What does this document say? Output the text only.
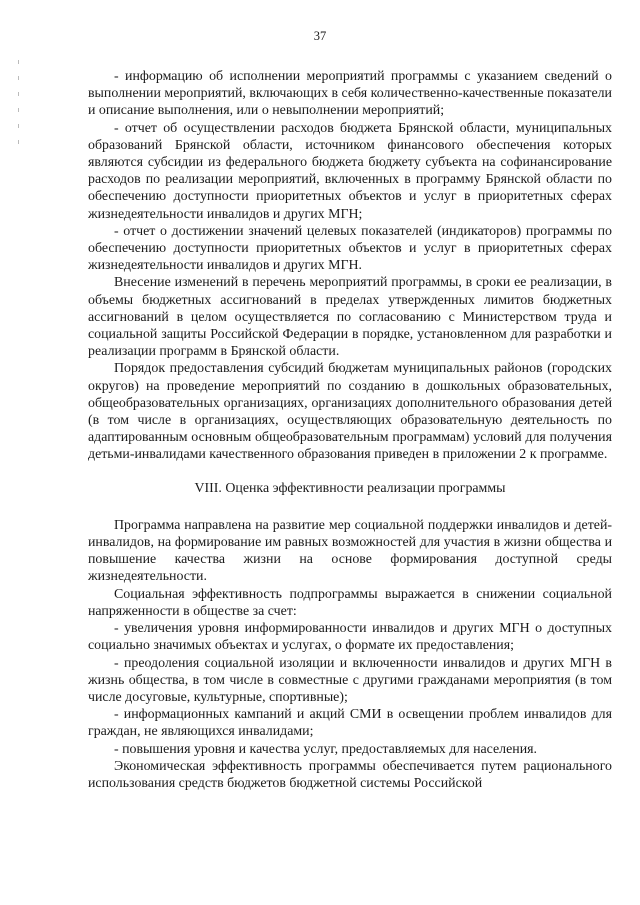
37

- информацию об исполнении мероприятий программы с указанием сведений о выполнении мероприятий, включающих в себя количественно-качественные показатели и описание выполнения, или о невыполнении мероприятий;

- отчет об осуществлении расходов бюджета Брянской области, муниципальных образований Брянской области, источником финансового обеспечения которых являются субсидии из федерального бюджета бюджету субъекта на софинансирование расходов по реализации мероприятий, включенных в программу Брянской области по обеспечению доступности приоритетных объектов и услуг в приоритетных сферах жизнедеятельности инвалидов и других МГН;

- отчет о достижении значений целевых показателей (индикаторов) программы по обеспечению доступности приоритетных объектов и услуг в приоритетных сферах жизнедеятельности инвалидов и других МГН.

Внесение изменений в перечень мероприятий программы, в сроки ее реализации, в объемы бюджетных ассигнований в пределах утвержденных лимитов бюджетных ассигнований в целом осуществляется по согласованию с Министерством труда и социальной защиты Российской Федерации в порядке, установленном для разработки и реализации программ в Брянской области.

Порядок предоставления субсидий бюджетам муниципальных районов (городских округов) на проведение мероприятий по созданию в дошкольных образовательных, общеобразовательных организациях, организациях дополнительного образования детей (в том числе в организациях, осуществляющих образовательную деятельность по адаптированным основным общеобразовательным программам) условий для получения детьми-инвалидами качественного образования приведен в приложении 2 к программе.

VIII. Оценка эффективности реализации программы

Программа направлена на развитие мер социальной поддержки инвалидов и детей-инвалидов, на формирование им равных возможностей для участия в жизни общества и повышение качества жизни на основе формирования доступной среды жизнедеятельности.

Социальная эффективность подпрограммы выражается в снижении социальной напряженности в обществе за счет:

- увеличения уровня информированности инвалидов и других МГН о доступных социально значимых объектах и услугах, о формате их предоставления;

- преодоления социальной изоляции и включенности инвалидов и других МГН в жизнь общества, в том числе в совместные с другими гражданами мероприятия (в том числе досуговые, культурные, спортивные);

- информационных кампаний и акций СМИ в освещении проблем инвалидов для граждан, не являющихся инвалидами;

- повышения уровня и качества услуг, предоставляемых для населения.

Экономическая эффективность программы обеспечивается путем рационального использования средств бюджетов бюджетной системы Российской
